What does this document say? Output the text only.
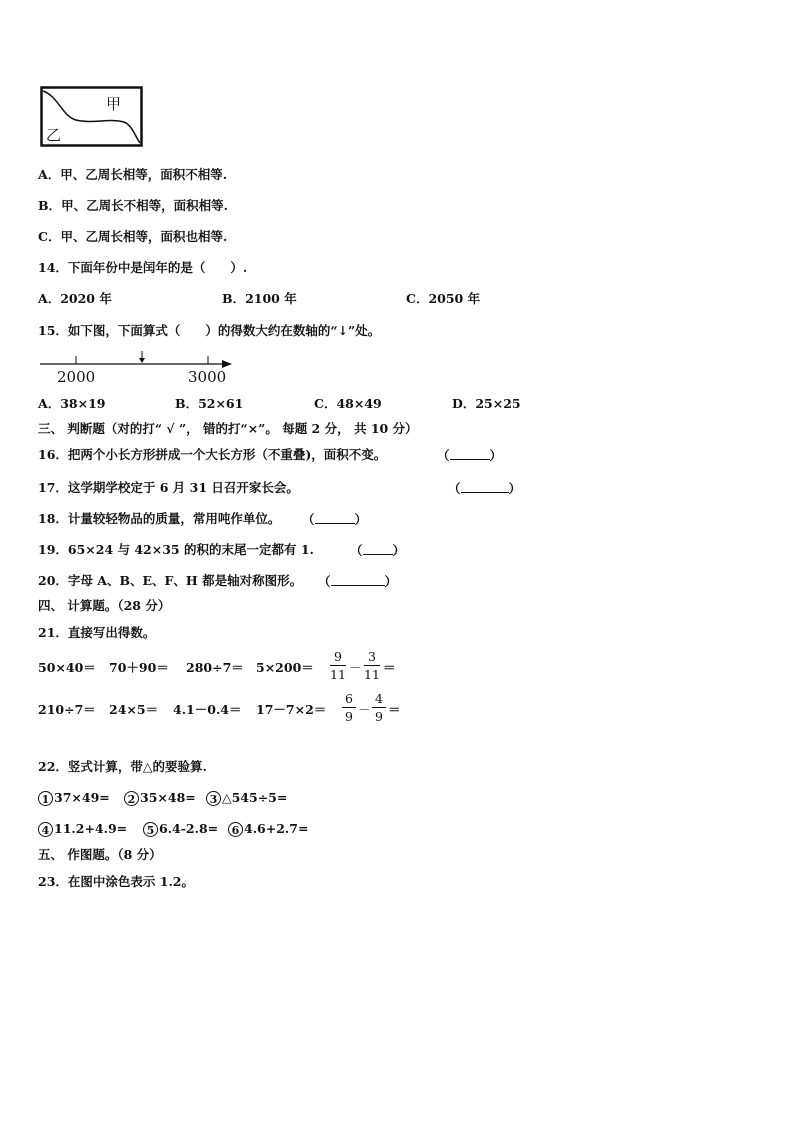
甲
乙
A．甲、乙周长相等，面积不相等.
B．甲、乙周长不相等，面积相等.
C．甲、乙周长相等，面积也相等.
14．下面年份中是闰年的是（　　）.
A．2020 年	B．2100 年	C．2050 年
15．如下图，下面算式（　　）的得数大约在数轴的“↓”处。
2000	3000
A．38×19	B．52×61	C．48×49	D．25×25
三、 判断题（对的打“ √ ”， 错的打“×”。 每题 2 分， 共 10 分）
16．把两个小长方形拼成一个大长方形（不重叠)，面积不变。	（	）
17．这学期学校定于 6 月 31 日召开家长会。	（	）
18．计量较轻物品的质量，常用吨作单位。 （	）
19．65×24 与 42×35 的积的末尾一定都有 1.	（ ）
20．字母 A、B、E、F、H 都是轴对称图形。 （	）
四、 计算题。（28 分）
21．直接写出得数。
50×40＝ 70＋90＝ 280÷7＝ 5×200＝
9
11 －
3
11 ＝
210÷7＝ 24×5＝ 4.1－0.4＝ 17－7×2＝
6
9 －
4
9 ＝
22．竖式计算，带△的要验算.
1 37×49=	2 35×48=	3 △545÷5=
4 11.2+4.9=	5 6.4-2.8=	6 4.6+2.7=
五、 作图题。（8 分）
23．在图中涂色表示 1.2。
